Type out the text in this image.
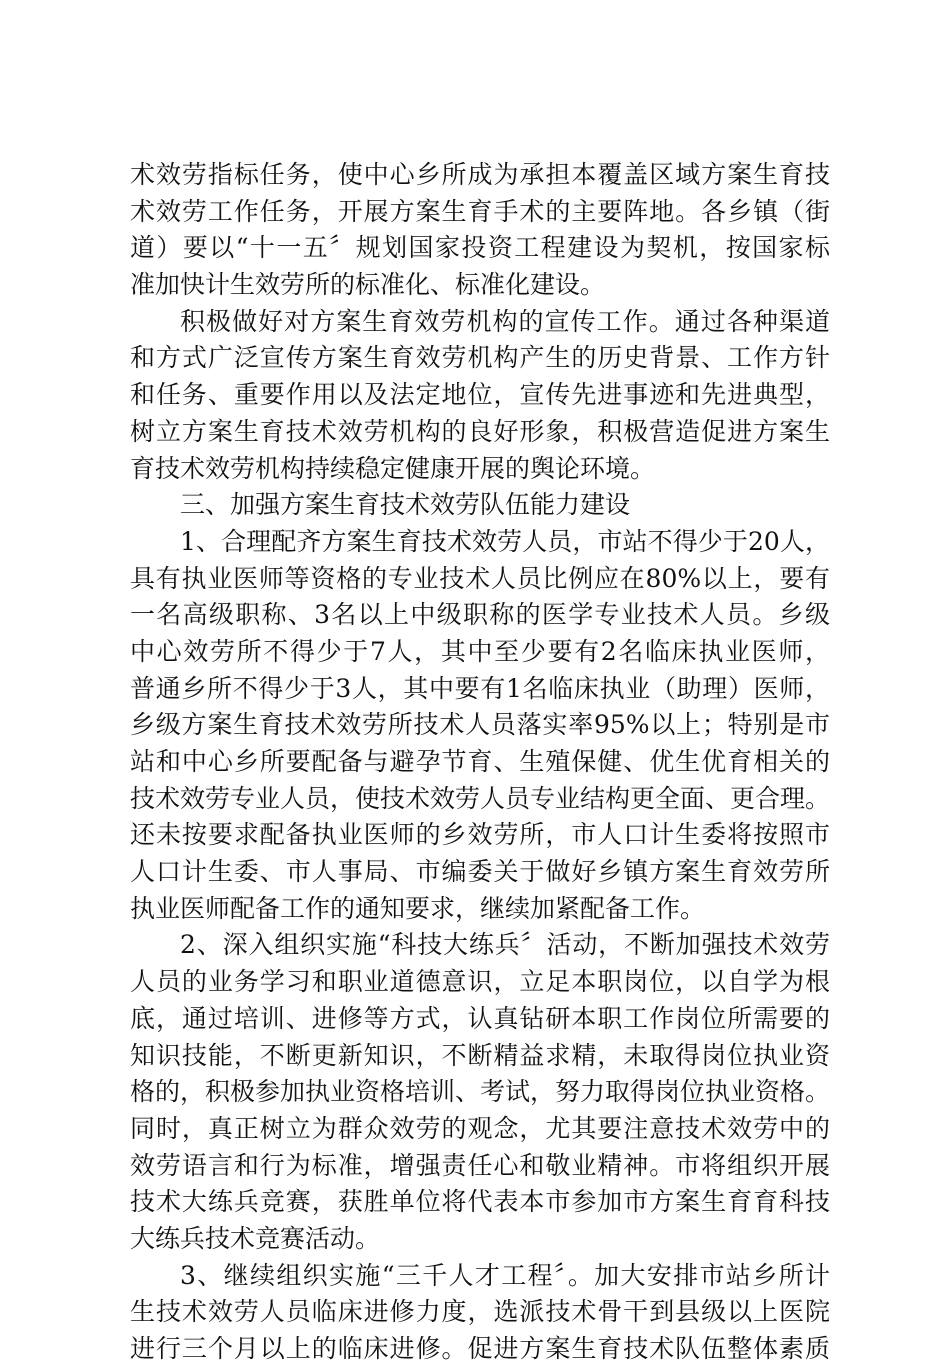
术效劳指标任务，使中心乡所成为承担本覆盖区域方案生育技
术效劳工作任务，开展方案生育手术的主要阵地。各乡镇（街
道）要以“十一五〞规划国家投资工程建设为契机，按国家标
准加快计生效劳所的标准化、标准化建设。
积极做好对方案生育效劳机构的宣传工作。通过各种渠道
和方式广泛宣传方案生育效劳机构产生的历史背景、工作方针
和任务、重要作用以及法定地位，宣传先进事迹和先进典型，
树立方案生育技术效劳机构的良好形象，积极营造促进方案生
育技术效劳机构持续稳定健康开展的舆论环境。
三、加强方案生育技术效劳队伍能力建设
1、合理配齐方案生育技术效劳人员，市站不得少于20人，
具有执业医师等资格的专业技术人员比例应在80%以上，要有
一名高级职称、3名以上中级职称的医学专业技术人员。乡级
中心效劳所不得少于7人，其中至少要有2名临床执业医师，
普通乡所不得少于3人，其中要有1名临床执业（助理）医师，
乡级方案生育技术效劳所技术人员落实率95%以上；特别是市
站和中心乡所要配备与避孕节育、生殖保健、优生优育相关的
技术效劳专业人员，使技术效劳人员专业结构更全面、更合理。
还未按要求配备执业医师的乡效劳所，市人口计生委将按照市
人口计生委、市人事局、市编委关于做好乡镇方案生育效劳所
执业医师配备工作的通知要求，继续加紧配备工作。
2、深入组织实施“科技大练兵〞活动，不断加强技术效劳
人员的业务学习和职业道德意识，立足本职岗位，以自学为根
底，通过培训、进修等方式，认真钻研本职工作岗位所需要的
知识技能，不断更新知识，不断精益求精，未取得岗位执业资
格的，积极参加执业资格培训、考试，努力取得岗位执业资格。
同时，真正树立为群众效劳的观念，尤其要注意技术效劳中的
效劳语言和行为标准，增强责任心和敬业精神。市将组织开展
技术大练兵竞赛，获胜单位将代表本市参加市方案生育育科技
大练兵技术竞赛活动。
3、继续组织实施“三千人才工程〞。加大安排市站乡所计
生技术效劳人员临床进修力度，选派技术骨干到县级以上医院
进行三个月以上的临床进修。促进方案生育技术队伍整体素质
